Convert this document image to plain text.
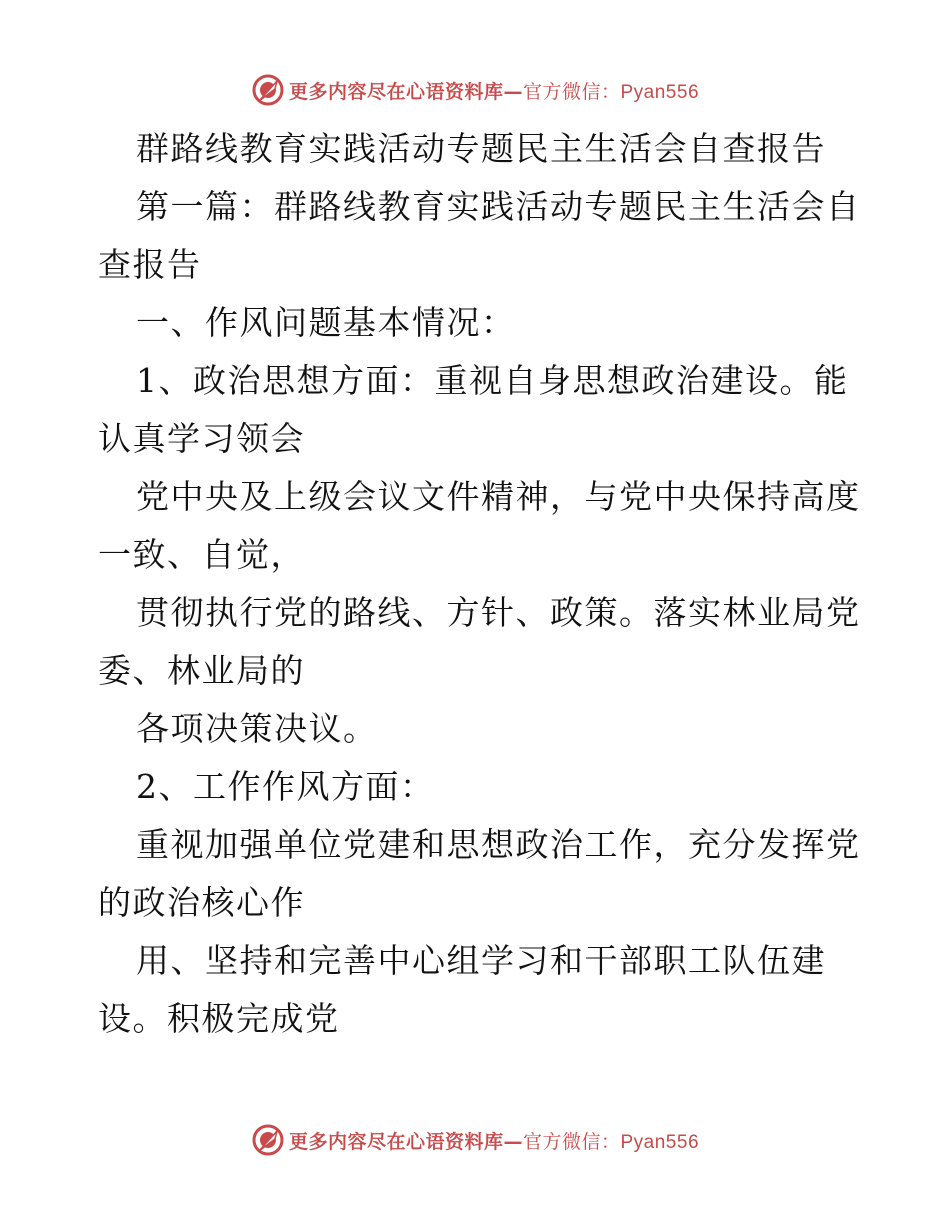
更多内容尽在心语资料库—官方微信：Pyan556
群路线教育实践活动专题民主生活会自查报告
第一篇：群路线教育实践活动专题民主生活会自
查报告
一、作风问题基本情况：
1、政治思想方面：重视自身思想政治建设。能
认真学习领会
党中央及上级会议文件精神，与党中央保持高度
一致、自觉，
贯彻执行党的路线、方针、政策。落实林业局党
委、林业局的
各项决策决议。
2、工作作风方面：
重视加强单位党建和思想政治工作，充分发挥党
的政治核心作
用、坚持和完善中心组学习和干部职工队伍建
设。积极完成党
更多内容尽在心语资料库—官方微信：Pyan556
